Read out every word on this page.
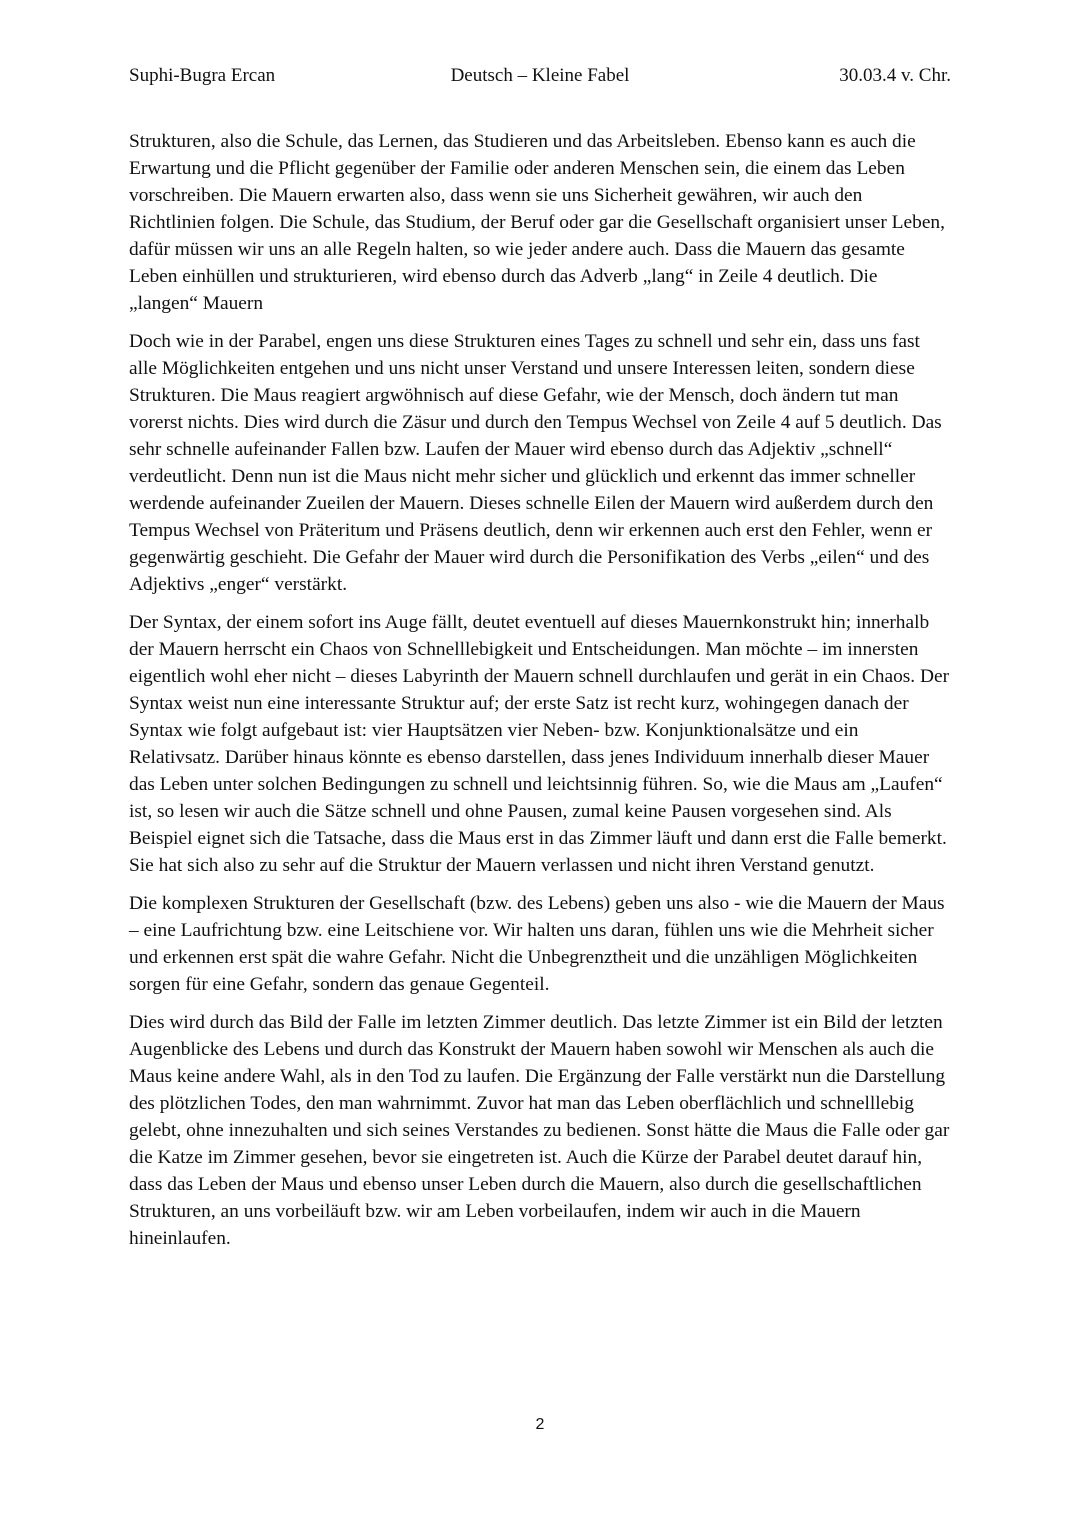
Suphi-Bugra Ercan	Deutsch – Kleine Fabel	30.03.4 v. Chr.

Strukturen, also die Schule, das Lernen, das Studieren und das Arbeitsleben. Ebenso kann es auch die Erwartung und die Pflicht gegenüber der Familie oder anderen Menschen sein, die einem das Leben vorschreiben. Die Mauern erwarten also, dass wenn sie uns Sicherheit gewähren, wir auch den Richtlinien folgen. Die Schule, das Studium, der Beruf oder gar die Gesellschaft organisiert unser Leben, dafür müssen wir uns an alle Regeln halten, so wie jeder andere auch. Dass die Mauern das gesamte Leben einhüllen und strukturieren, wird ebenso durch das Adverb „lang“ in Zeile 4 deutlich. Die „langen“ Mauern

Doch wie in der Parabel, engen uns diese Strukturen eines Tages zu schnell und sehr ein, dass uns fast alle Möglichkeiten entgehen und uns nicht unser Verstand und unsere Interessen leiten, sondern diese Strukturen. Die Maus reagiert argwöhnisch auf diese Gefahr, wie der Mensch, doch ändern tut man vorerst nichts. Dies wird durch die Zäsur und durch den Tempus Wechsel von Zeile 4 auf 5 deutlich. Das sehr schnelle aufeinander Fallen bzw. Laufen der Mauer wird ebenso durch das Adjektiv „schnell“ verdeutlicht. Denn nun ist die Maus nicht mehr sicher und glücklich und erkennt das immer schneller werdende aufeinander Zueilen der Mauern. Dieses schnelle Eilen der Mauern wird außerdem durch den Tempus Wechsel von Präteritum und Präsens deutlich, denn wir erkennen auch erst den Fehler, wenn er gegenwärtig geschieht. Die Gefahr der Mauer wird durch die Personifikation des Verbs „eilen“ und des Adjektivs „enger“ verstärkt.

Der Syntax, der einem sofort ins Auge fällt, deutet eventuell auf dieses Mauernkonstrukt hin; innerhalb der Mauern herrscht ein Chaos von Schnelllebigkeit und Entscheidungen. Man möchte – im innersten eigentlich wohl eher nicht – dieses Labyrinth der Mauern schnell durchlaufen und gerät in ein Chaos. Der Syntax weist nun eine interessante Struktur auf; der erste Satz ist recht kurz, wohingegen danach der Syntax wie folgt aufgebaut ist: vier Hauptsätzen vier Neben- bzw. Konjunktionalsätze und ein Relativsatz. Darüber hinaus könnte es ebenso darstellen, dass jenes Individuum innerhalb dieser Mauer das Leben unter solchen Bedingungen zu schnell und leichtsinnig führen. So, wie die Maus am „Laufen“ ist, so lesen wir auch die Sätze schnell und ohne Pausen, zumal keine Pausen vorgesehen sind. Als Beispiel eignet sich die Tatsache, dass die Maus erst in das Zimmer läuft und dann erst die Falle bemerkt. Sie hat sich also zu sehr auf die Struktur der Mauern verlassen und nicht ihren Verstand genutzt.

Die komplexen Strukturen der Gesellschaft (bzw. des Lebens) geben uns also - wie die Mauern der Maus – eine Laufrichtung bzw. eine Leitschiene vor. Wir halten uns daran, fühlen uns wie die Mehrheit sicher und erkennen erst spät die wahre Gefahr. Nicht die Unbegrenztheit und die unzähligen Möglichkeiten sorgen für eine Gefahr, sondern das genaue Gegenteil.

Dies wird durch das Bild der Falle im letzten Zimmer deutlich. Das letzte Zimmer ist ein Bild der letzten Augenblicke des Lebens und durch das Konstrukt der Mauern haben sowohl wir Menschen als auch die Maus keine andere Wahl, als in den Tod zu laufen. Die Ergänzung der Falle verstärkt nun die Darstellung des plötzlichen Todes, den man wahrnimmt. Zuvor hat man das Leben oberflächlich und schnelllebig gelebt, ohne innezuhalten und sich seines Verstandes zu bedienen. Sonst hätte die Maus die Falle oder gar die Katze im Zimmer gesehen, bevor sie eingetreten ist. Auch die Kürze der Parabel deutet darauf hin, dass das Leben der Maus und ebenso unser Leben durch die Mauern, also durch die gesellschaftlichen Strukturen, an uns vorbeiläuft bzw. wir am Leben vorbeilaufen, indem wir auch in die Mauern hineinlaufen.

2
